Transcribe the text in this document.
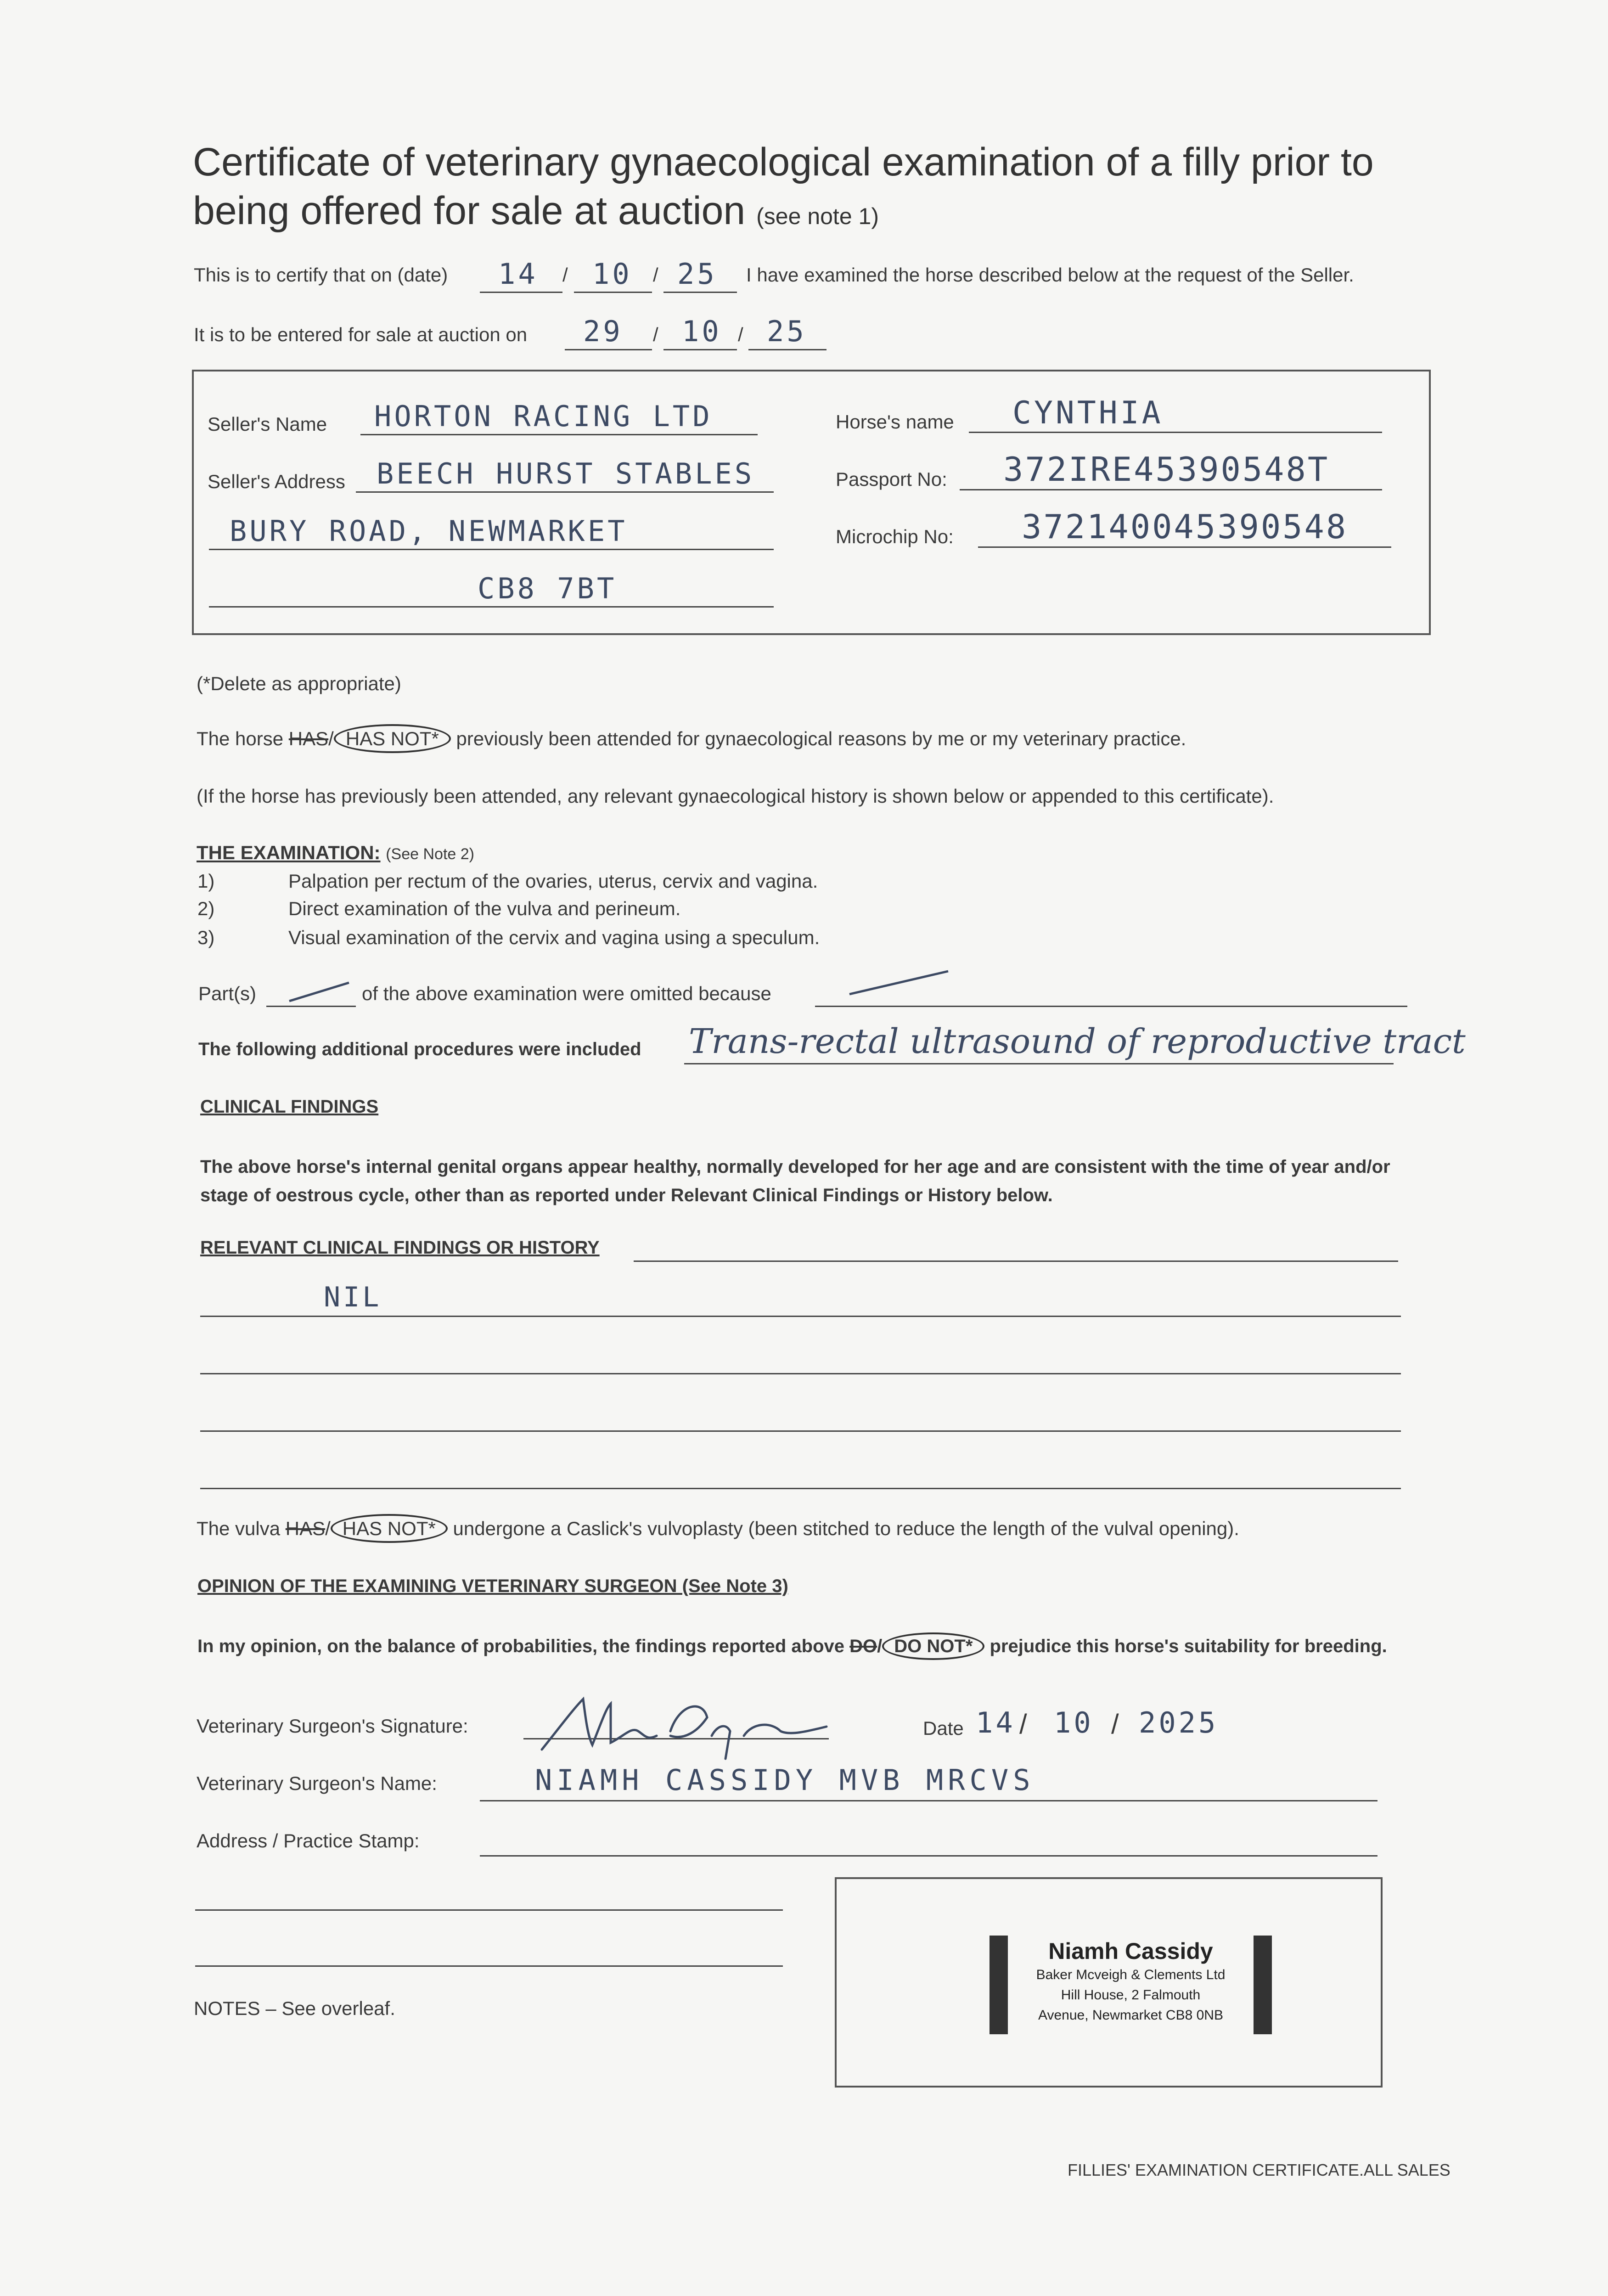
Certificate of veterinary gynaecological examination of a filly prior to being offered for sale at auction (see note 1)
This is to certify that on (date) 14 / 10 / 25 I have examined the horse described below at the request of the Seller.
It is to be entered for sale at auction on 29 / 10 / 25
Seller's Name HORTON RACING LTD
Seller's Address BEECH HURST STABLES
BURY ROAD, NEWMARKET
CB8 7BT
Horse's name CYNTHIA
Passport No: 372IRE45390548T
Microchip No: 372140045390548
(*Delete as appropriate)
The horse HAS/ HAS NOT* previously been attended for gynaecological reasons by me or my veterinary practice.
(If the horse has previously been attended, any relevant gynaecological history is shown below or appended to this certificate).
THE EXAMINATION: (See Note 2)
1)	Palpation per rectum of the ovaries, uterus, cervix and vagina.
2)	Direct examination of the vulva and perineum.
3)	Visual examination of the cervix and vagina using a speculum.
Part(s)	of the above examination were omitted because
The following additional procedures were included Trans-rectal ultrasound of reproductive tract
CLINICAL FINDINGS
The above horse's internal genital organs appear healthy, normally developed for her age and are consistent with the time of year and/or stage of oestrous cycle, other than as reported under Relevant Clinical Findings or History below.
RELEVANT CLINICAL FINDINGS OR HISTORY
NIL
The vulva HAS/ HAS NOT* undergone a Caslick's vulvoplasty (been stitched to reduce the length of the vulval opening).
OPINION OF THE EXAMINING VETERINARY SURGEON (See Note 3)
In my opinion, on the balance of probabilities, the findings reported above DO/ DO NOT* prejudice this horse's suitability for breeding.
Veterinary Surgeon's Signature:	Date 14 / 10 / 2025
Veterinary Surgeon's Name:	NIAMH CASSIDY MVB MRCVS
Address / Practice Stamp:
Niamh Cassidy
Baker Mcveigh & Clements Ltd
Hill House, 2 Falmouth
Avenue, Newmarket CB8 0NB
NOTES – See overleaf.
FILLIES' EXAMINATION CERTIFICATE.ALL SALES
